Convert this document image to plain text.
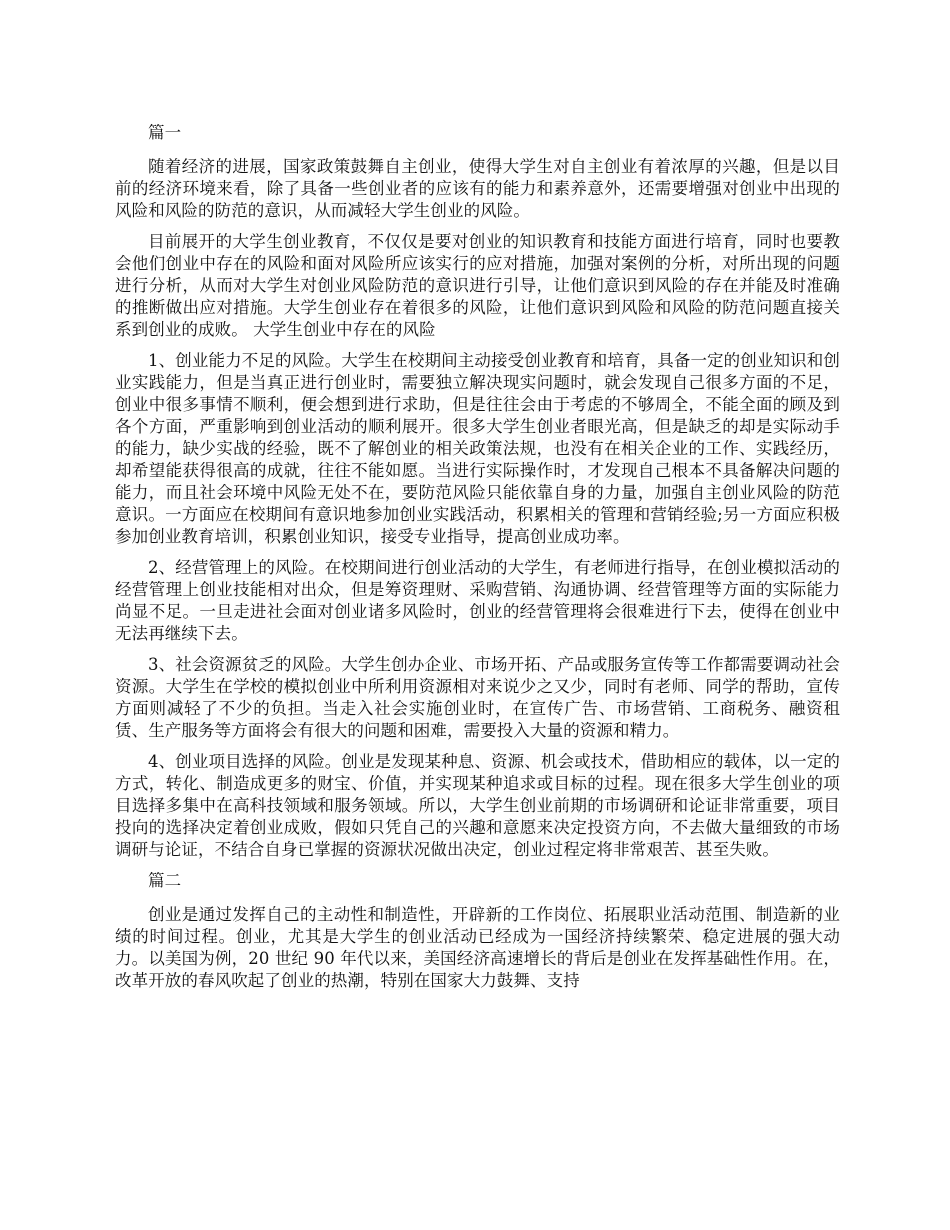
篇一

随着经济的进展，国家政策鼓舞自主创业，使得大学生对自主创业有着浓厚的兴趣，但是以目前的经济环境来看，除了具备一些创业者的应该有的能力和素养意外，还需要增强对创业中出现的风险和风险的防范的意识，从而减轻大学生创业的风险。

目前展开的大学生创业教育，不仅仅是要对创业的知识教育和技能方面进行培育，同时也要教会他们创业中存在的风险和面对风险所应该实行的应对措施，加强对案例的分析，对所出现的问题进行分析，从而对大学生对创业风险防范的意识进行引导，让他们意识到风险的存在并能及时准确的推断做出应对措施。大学生创业存在着很多的风险，让他们意识到风险和风险的防范问题直接关系到创业的成败。 大学生创业中存在的风险

1、创业能力不足的风险。大学生在校期间主动接受创业教育和培育，具备一定的创业知识和创业实践能力，但是当真正进行创业时，需要独立解决现实问题时，就会发现自己很多方面的不足，创业中很多事情不顺利，便会想到进行求助，但是往往会由于考虑的不够周全，不能全面的顾及到各个方面，严重影响到创业活动的顺利展开。很多大学生创业者眼光高，但是缺乏的却是实际动手的能力，缺少实战的经验，既不了解创业的相关政策法规，也没有在相关企业的工作、实践经历，却希望能获得很高的成就，往往不能如愿。当进行实际操作时，才发现自己根本不具备解决问题的能力，而且社会环境中风险无处不在，要防范风险只能依靠自身的力量，加强自主创业风险的防范意识。一方面应在校期间有意识地参加创业实践活动，积累相关的管理和营销经验;另一方面应积极参加创业教育培训，积累创业知识，接受专业指导，提高创业成功率。

2、经营管理上的风险。在校期间进行创业活动的大学生，有老师进行指导，在创业模拟活动的经营管理上创业技能相对出众，但是筹资理财、采购营销、沟通协调、经营管理等方面的实际能力尚显不足。一旦走进社会面对创业诸多风险时，创业的经营管理将会很难进行下去，使得在创业中无法再继续下去。

3、社会资源贫乏的风险。大学生创办企业、市场开拓、产品或服务宣传等工作都需要调动社会资源。大学生在学校的模拟创业中所利用资源相对来说少之又少，同时有老师、同学的帮助，宣传方面则减轻了不少的负担。当走入社会实施创业时，在宣传广告、市场营销、工商税务、融资租赁、生产服务等方面将会有很大的问题和困难，需要投入大量的资源和精力。

4、创业项目选择的风险。创业是发现某种息、资源、机会或技术，借助相应的载体，以一定的方式，转化、制造成更多的财宝、价值，并实现某种追求或目标的过程。现在很多大学生创业的项目选择多集中在高科技领域和服务领域。所以，大学生创业前期的市场调研和论证非常重要，项目投向的选择决定着创业成败，假如只凭自己的兴趣和意愿来决定投资方向，不去做大量细致的市场调研与论证，不结合自身已掌握的资源状况做出决定，创业过程定将非常艰苦、甚至失败。

篇二

创业是通过发挥自己的主动性和制造性，开辟新的工作岗位、拓展职业活动范围、制造新的业绩的时间过程。创业，尤其是大学生的创业活动已经成为一国经济持续繁荣、稳定进展的强大动力。以美国为例，20 世纪 90 年代以来，美国经济高速增长的背后是创业在发挥基础性作用。在，改革开放的春风吹起了创业的热潮，特别在国家大力鼓舞、支持
